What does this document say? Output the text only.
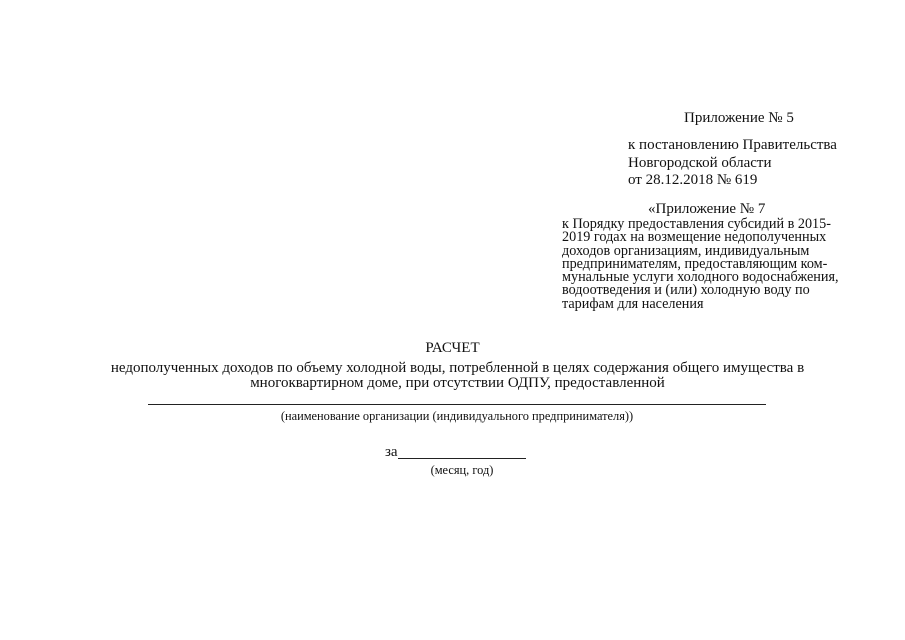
Приложение № 5
к постановлению Правительства
Новгородской области
от 28.12.2018 № 619
«Приложение № 7
к Порядку предоставления субсидий в 2015-
2019 годах на возмещение недополученных
доходов организациям, индивидуальным
предпринимателям, предоставляющим ком-
мунальные услуги холодного водоснабжения,
водоотведения и (или) холодную воду по
тарифам для населения
РАСЧЕТ
недополученных доходов по объему холодной воды, потребленной в целях содержания общего имущества в
многоквартирном доме, при отсутствии ОДПУ, предоставленной
(наименование организации (индивидуального предпринимателя))
за
(месяц, год)
